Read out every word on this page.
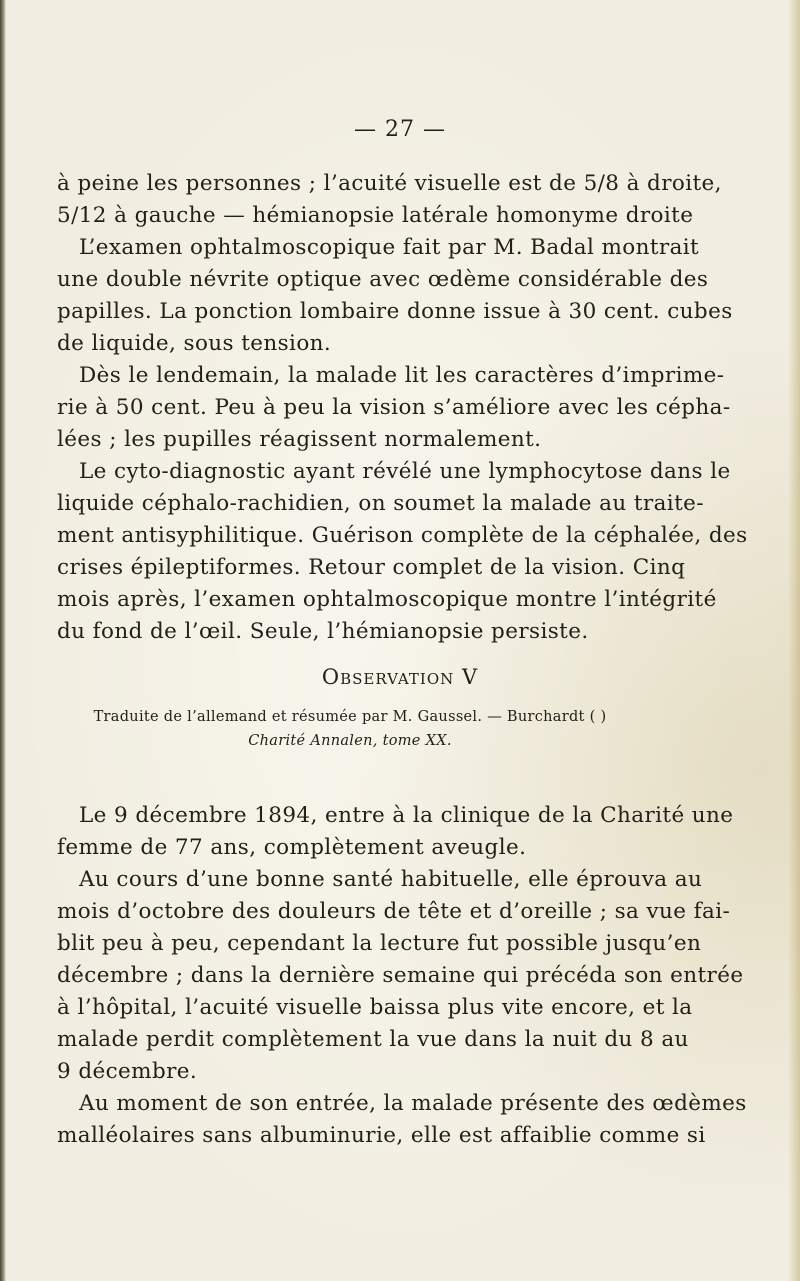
— 27 —

à peine les personnes ; l’acuité visuelle est de 5/8 à droite,
5/12 à gauche — hémianopsie latérale homonyme droite

L’examen ophtalmoscopique fait par M. Badal montrait
une double névrite optique avec œdème considérable des
papilles. La ponction lombaire donne issue à 30 cent. cubes
de liquide, sous tension.

Dès le lendemain, la malade lit les caractères d’imprime-
rie à 50 cent. Peu à peu la vision s’améliore avec les cépha-
lées ; les pupilles réagissent normalement.

Le cyto-diagnostic ayant révélé une lymphocytose dans le
liquide céphalo-rachidien, on soumet la malade au traite-
ment antisyphilitique. Guérison complète de la céphalée, des
crises épileptiformes. Retour complet de la vision. Cinq
mois après, l’examen ophtalmoscopique montre l’intégrité
du fond de l’œil. Seule, l’hémianopsie persiste.

Observation V
Traduite de l’allemand et résumée par M. Gaussel. — Burchardt ( )
Charité Annalen, tome XX.

Le 9 décembre 1894, entre à la clinique de la Charité une
femme de 77 ans, complètement aveugle.

Au cours d’une bonne santé habituelle, elle éprouva au
mois d’octobre des douleurs de tête et d’oreille ; sa vue fai-
blit peu à peu, cependant la lecture fut possible jusqu’en
décembre ; dans la dernière semaine qui précéda son entrée
à l’hôpital, l’acuité visuelle baissa plus vite encore, et la
malade perdit complètement la vue dans la nuit du 8 au
9 décembre.

Au moment de son entrée, la malade présente des œdèmes
malléolaires sans albuminurie, elle est affaiblie comme si
